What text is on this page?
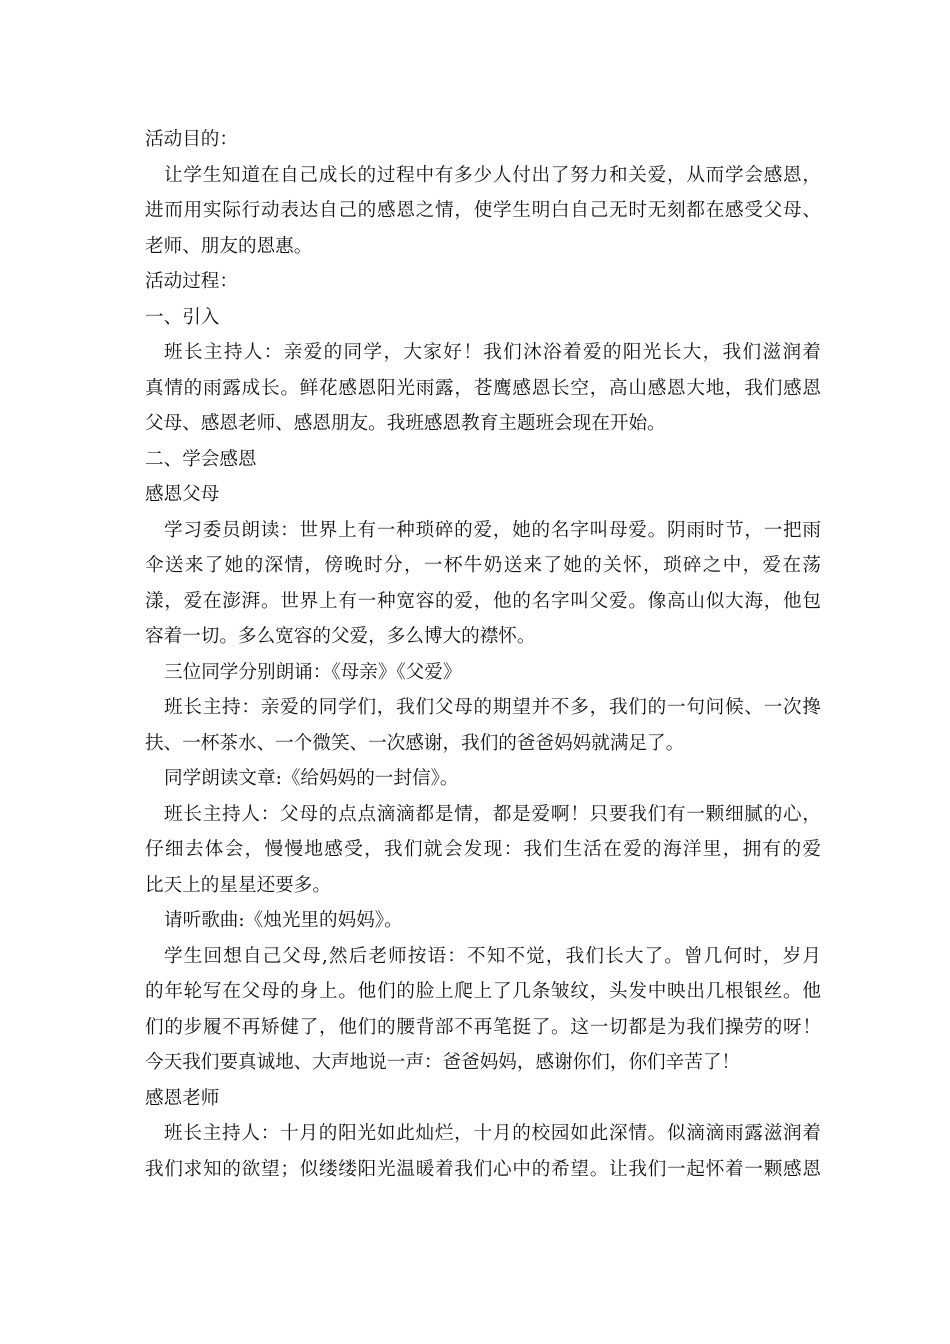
活动目的：
让学生知道在自己成长的过程中有多少人付出了努力和关爱，从而学会感恩，
进而用实际行动表达自己的感恩之情，使学生明白自己无时无刻都在感受父母、
老师、朋友的恩惠。
活动过程：
一、引入
班长主持人：亲爱的同学，大家好！我们沐浴着爱的阳光长大，我们滋润着
真情的雨露成长。鲜花感恩阳光雨露，苍鹰感恩长空，高山感恩大地，我们感恩
父母、感恩老师、感恩朋友。我班感恩教育主题班会现在开始。
二、学会感恩
感恩父母
学习委员朗读：世界上有一种琐碎的爱，她的名字叫母爱。阴雨时节，一把雨
伞送来了她的深情，傍晚时分，一杯牛奶送来了她的关怀，琐碎之中，爱在荡
漾，爱在澎湃。世界上有一种宽容的爱，他的名字叫父爱。像高山似大海，他包
容着一切。多么宽容的父爱，多么博大的襟怀。
三位同学分别朗诵：《母亲》《父爱》
班长主持：亲爱的同学们，我们父母的期望并不多，我们的一句问候、一次搀
扶、一杯茶水、一个微笑、一次感谢，我们的爸爸妈妈就满足了。
同学朗读文章:《给妈妈的一封信》。
班长主持人：父母的点点滴滴都是情，都是爱啊！只要我们有一颗细腻的心，
仔细去体会，慢慢地感受，我们就会发现：我们生活在爱的海洋里，拥有的爱
比天上的星星还要多。
请听歌曲:《烛光里的妈妈》。
学生回想自己父母,然后老师按语：不知不觉，我们长大了。曾几何时，岁月
的年轮写在父母的身上。他们的脸上爬上了几条皱纹，头发中映出几根银丝。他
们的步履不再矫健了，他们的腰背部不再笔挺了。这一切都是为我们操劳的呀！
今天我们要真诚地、大声地说一声：爸爸妈妈，感谢你们，你们辛苦了！
感恩老师
班长主持人：十月的阳光如此灿烂，十月的校园如此深情。似滴滴雨露滋润着
我们求知的欲望；似缕缕阳光温暖着我们心中的希望。让我们一起怀着一颗感恩
